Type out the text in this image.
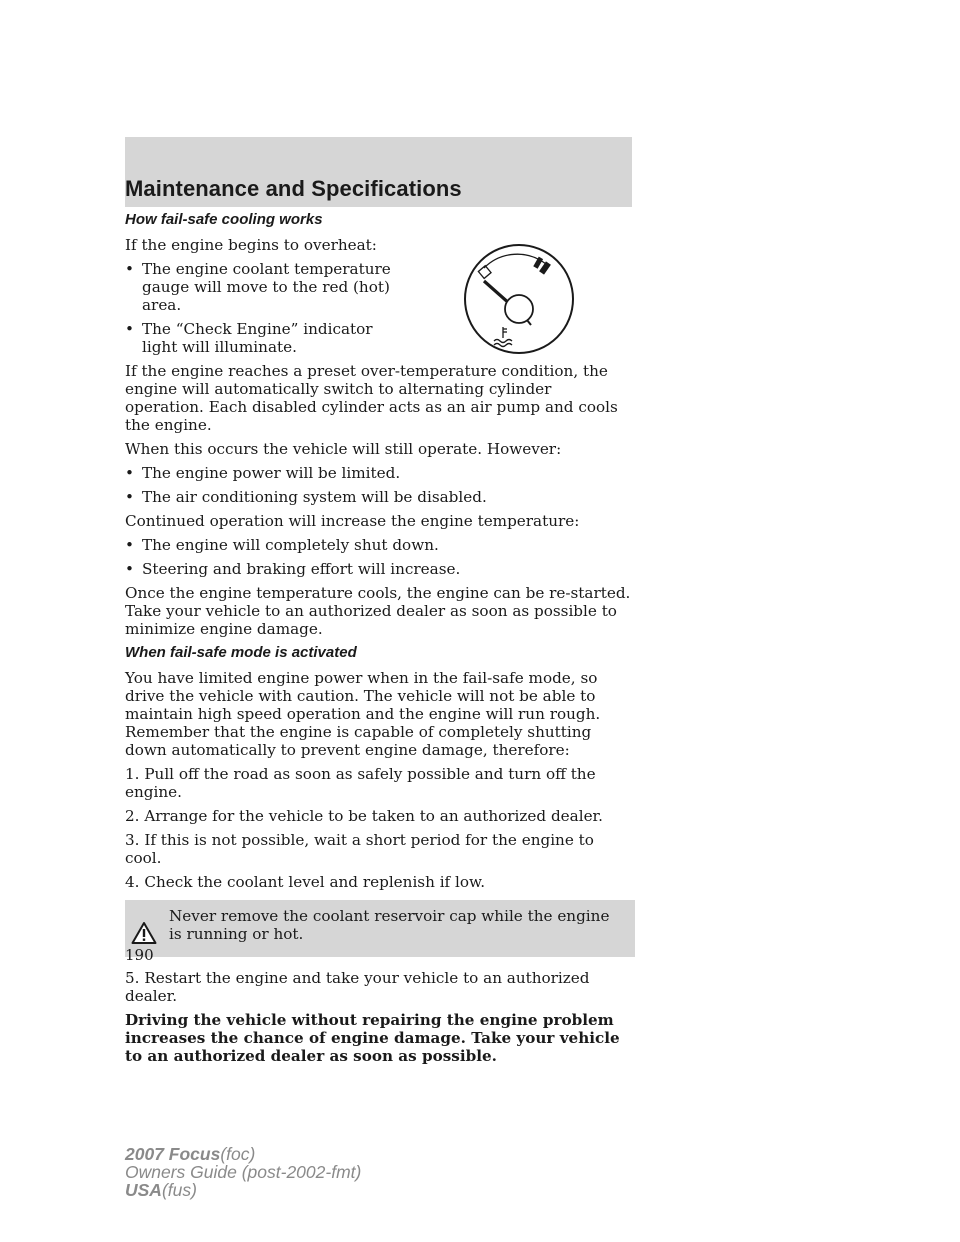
Maintenance and Specifications
How fail-safe cooling works

If the engine begins to overheat:

• The engine coolant temperature gauge will move to the red (hot) area.
• The “Check Engine” indicator light will illuminate.

If the engine reaches a preset over-temperature condition, the engine will automatically switch to alternating cylinder operation. Each disabled cylinder acts as an air pump and cools the engine.

When this occurs the vehicle will still operate. However:

• The engine power will be limited.
• The air conditioning system will be disabled.

Continued operation will increase the engine temperature:

• The engine will completely shut down.
• Steering and braking effort will increase.

Once the engine temperature cools, the engine can be re-started. Take your vehicle to an authorized dealer as soon as possible to minimize engine damage.

When fail-safe mode is activated

You have limited engine power when in the fail-safe mode, so drive the vehicle with caution. The vehicle will not be able to maintain high speed operation and the engine will run rough. Remember that the engine is capable of completely shutting down automatically to prevent engine damage, therefore:

1. Pull off the road as soon as safely possible and turn off the engine.

2. Arrange for the vehicle to be taken to an authorized dealer.

3. If this is not possible, wait a short period for the engine to cool.

4. Check the coolant level and replenish if low.

Never remove the coolant reservoir cap while the engine is running or hot.

5. Restart the engine and take your vehicle to an authorized dealer.

Driving the vehicle without repairing the engine problem increases the chance of engine damage. Take your vehicle to an authorized dealer as soon as possible.

190
2007 Focus(foc)
Owners Guide (post-2002-fmt)
USA(fus)
